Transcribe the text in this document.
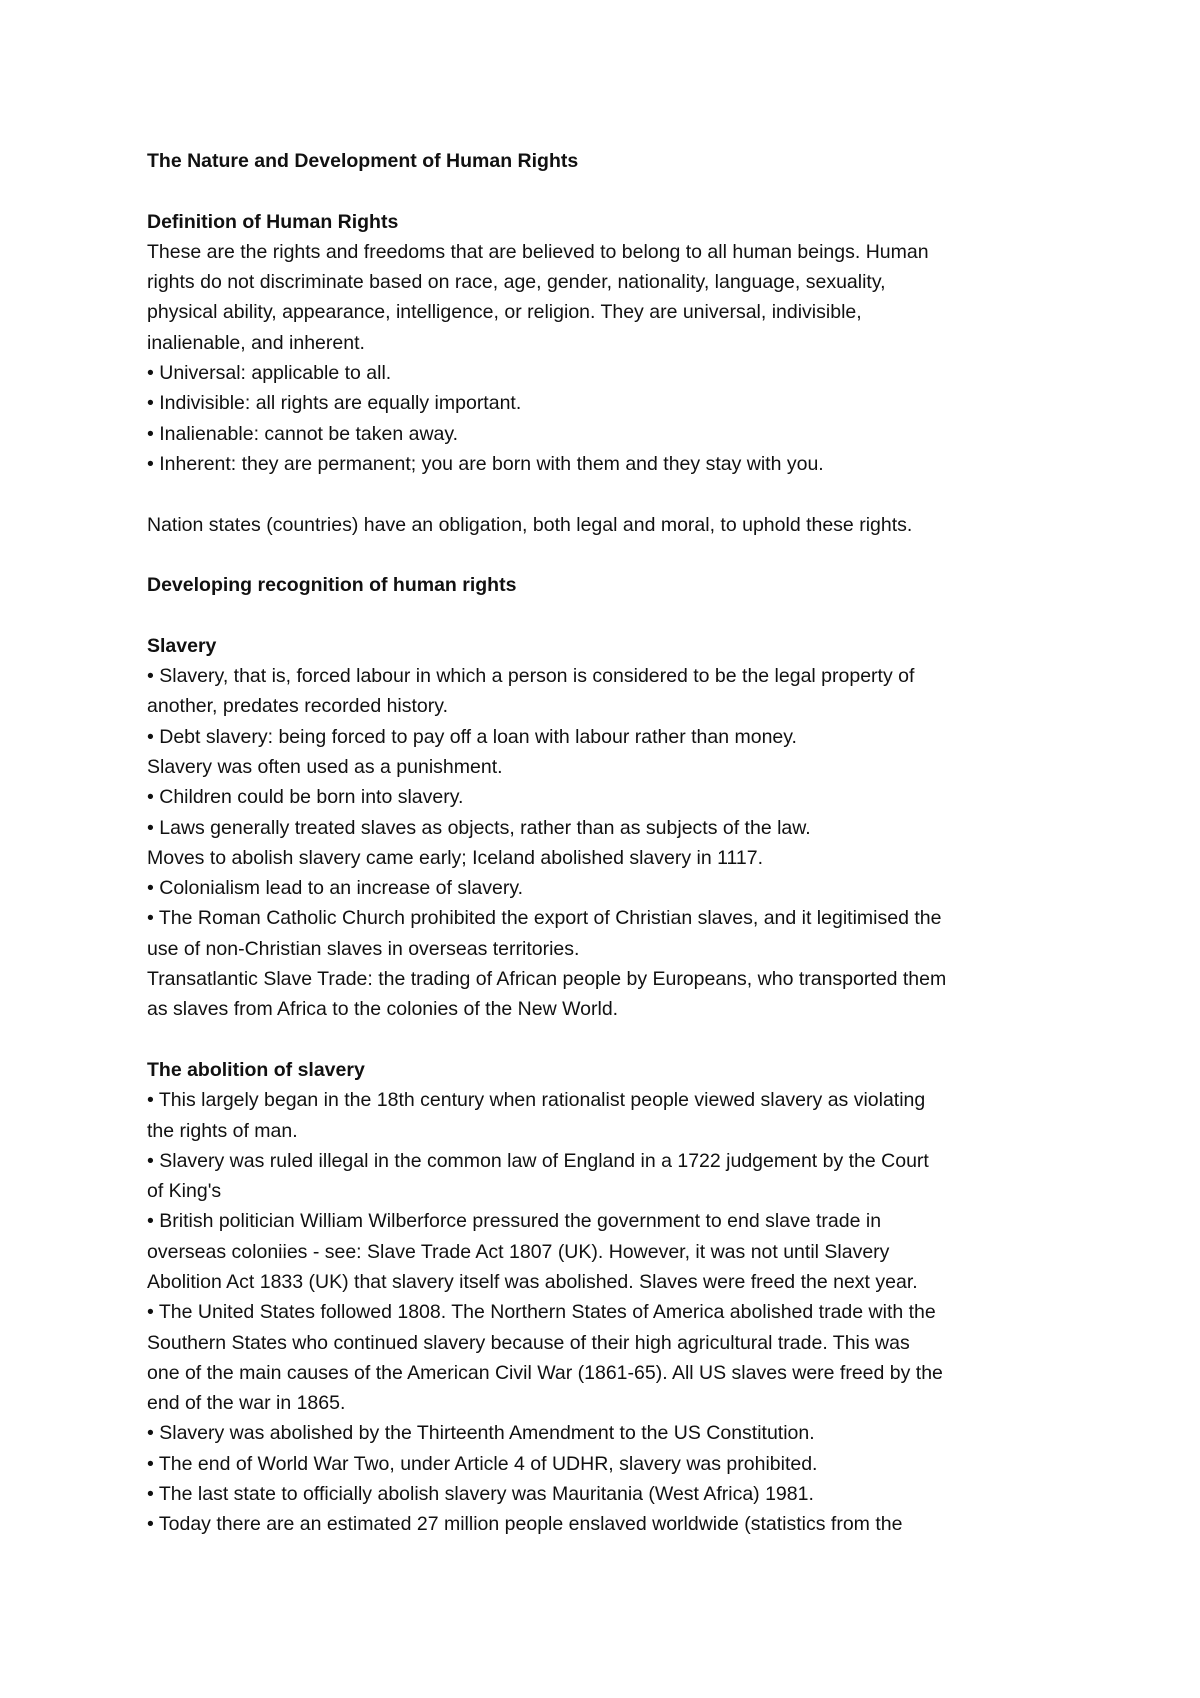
The Nature and Development of Human Rights
Definition of Human Rights
These are the rights and freedoms that are believed to belong to all human beings. Human
rights do not discriminate based on race, age, gender, nationality, language, sexuality,
physical ability, appearance, intelligence, or religion. They are universal, indivisible,
inalienable, and inherent.
• Universal: applicable to all.
• Indivisible: all rights are equally important.
• Inalienable: cannot be taken away.
• Inherent: they are permanent; you are born with them and they stay with you.
Nation states (countries) have an obligation, both legal and moral, to uphold these rights.
Developing recognition of human rights
Slavery
• Slavery, that is, forced labour in which a person is considered to be the legal property of
another, predates recorded history.
• Debt slavery: being forced to pay off a loan with labour rather than money.
Slavery was often used as a punishment.
• Children could be born into slavery.
• Laws generally treated slaves as objects, rather than as subjects of the law.
Moves to abolish slavery came early; Iceland abolished slavery in 1117.
• Colonialism lead to an increase of slavery.
• The Roman Catholic Church prohibited the export of Christian slaves, and it legitimised the
use of non-Christian slaves in overseas territories.
Transatlantic Slave Trade: the trading of African people by Europeans, who transported them
as slaves from Africa to the colonies of the New World.
The abolition of slavery
• This largely began in the 18th century when rationalist people viewed slavery as violating
the rights of man.
• Slavery was ruled illegal in the common law of England in a 1722 judgement by the Court
of King's
• British politician William Wilberforce pressured the government to end slave trade in
overseas coloniies - see: Slave Trade Act 1807 (UK). However, it was not until Slavery
Abolition Act 1833 (UK) that slavery itself was abolished. Slaves were freed the next year.
• The United States followed 1808. The Northern States of America abolished trade with the
Southern States who continued slavery because of their high agricultural trade. This was
one of the main causes of the American Civil War (1861-65). All US slaves were freed by the
end of the war in 1865.
• Slavery was abolished by the Thirteenth Amendment to the US Constitution.
• The end of World War Two, under Article 4 of UDHR, slavery was prohibited.
• The last state to officially abolish slavery was Mauritania (West Africa) 1981.
• Today there are an estimated 27 million people enslaved worldwide (statistics from the
